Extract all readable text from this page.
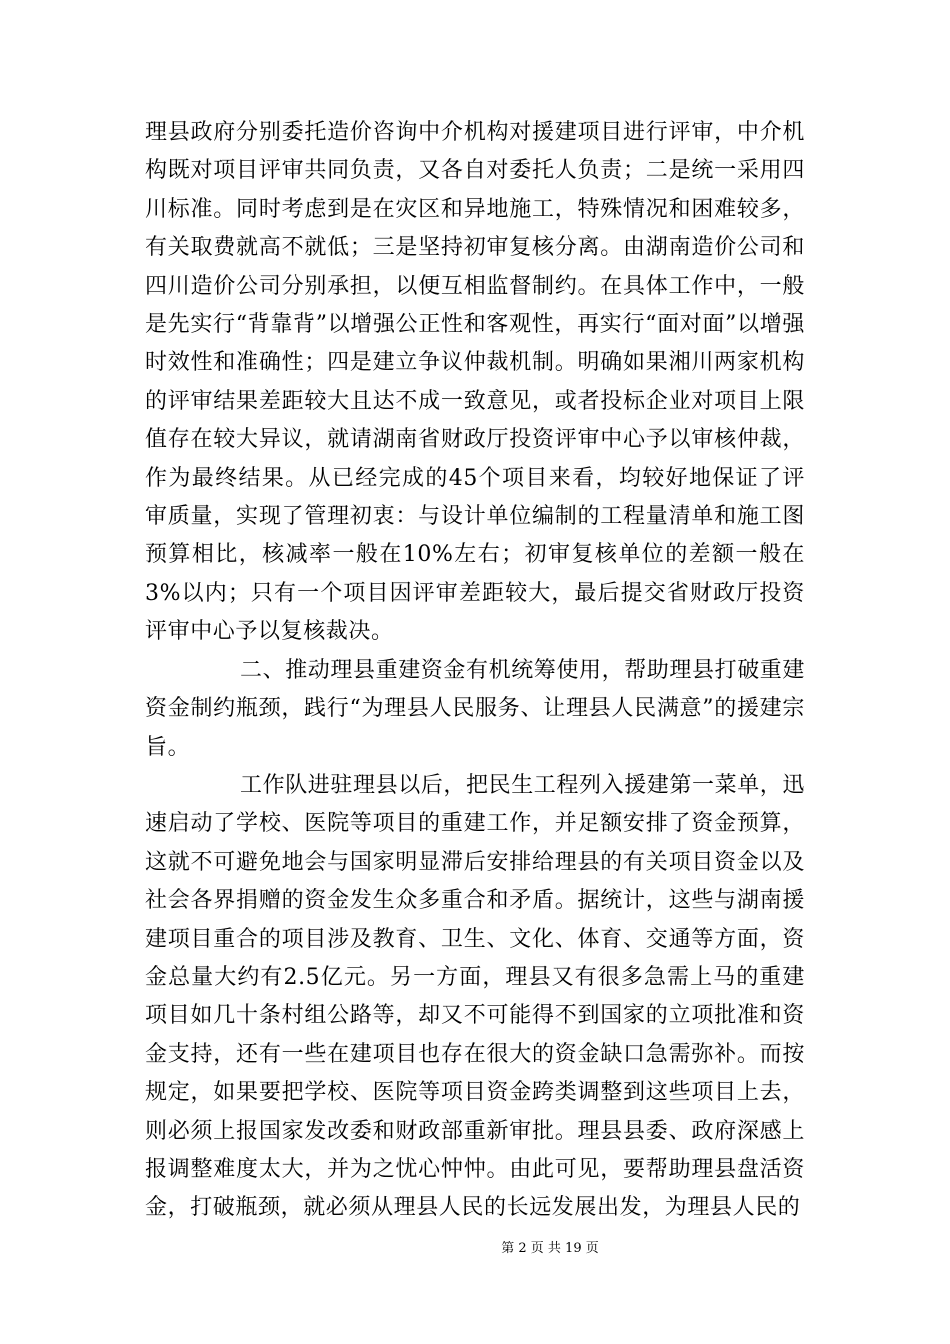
理县政府分别委托造价咨询中介机构对援建项目进行评审，中介机构既对项目评审共同负责，又各自对委托人负责；二是统一采用四川标准。同时考虑到是在灾区和异地施工，特殊情况和困难较多，有关取费就高不就低；三是坚持初审复核分离。由湖南造价公司和四川造价公司分别承担，以便互相监督制约。在具体工作中，一般是先实行“背靠背”以增强公正性和客观性，再实行“面对面”以增强时效性和准确性；四是建立争议仲裁机制。明确如果湘川两家机构的评审结果差距较大且达不成一致意见，或者投标企业对项目上限值存在较大异议，就请湖南省财政厅投资评审中心予以审核仲裁，作为最终结果。从已经完成的45个项目来看，均较好地保证了评审质量，实现了管理初衷：与设计单位编制的工程量清单和施工图预算相比，核减率一般在10%左右；初审复核单位的差额一般在3%以内；只有一个项目因评审差距较大，最后提交省财政厅投资评审中心予以复核裁决。

二、推动理县重建资金有机统筹使用，帮助理县打破重建资金制约瓶颈，践行“为理县人民服务、让理县人民满意”的援建宗旨。

工作队进驻理县以后，把民生工程列入援建第一菜单，迅速启动了学校、医院等项目的重建工作，并足额安排了资金预算，这就不可避免地会与国家明显滞后安排给理县的有关项目资金以及社会各界捐赠的资金发生众多重合和矛盾。据统计，这些与湖南援建项目重合的项目涉及教育、卫生、文化、体育、交通等方面，资金总量大约有2.5亿元。另一方面，理县又有很多急需上马的重建项目如几十条村组公路等，却又不可能得不到国家的立项批准和资金支持，还有一些在建项目也存在很大的资金缺口急需弥补。而按规定，如果要把学校、医院等项目资金跨类调整到这些项目上去，则必须上报国家发改委和财政部重新审批。理县县委、政府深感上报调整难度太大，并为之忧心忡忡。由此可见，要帮助理县盘活资金，打破瓶颈，就必须从理县人民的长远发展出发，为理县人民的

第 2 页 共 19 页
